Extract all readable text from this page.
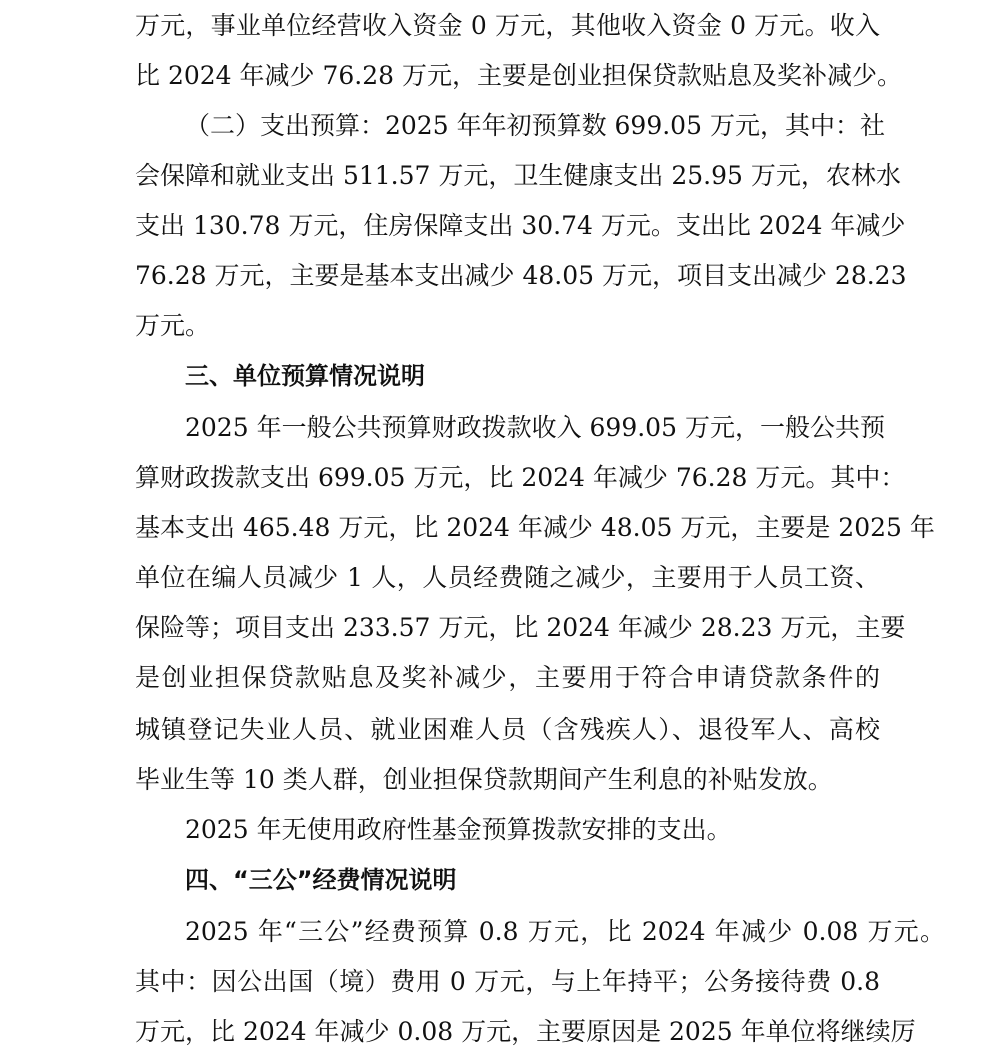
万元，事业单位经营收入资金 0 万元，其他收入资金 0 万元。收入
比 2024 年减少 76.28 万元，主要是创业担保贷款贴息及奖补减少。
（二）支出预算：2025 年年初预算数 699.05 万元，其中：社
会保障和就业支出 511.57 万元，卫生健康支出 25.95 万元，农林水
支出 130.78 万元，住房保障支出 30.74 万元。支出比 2024 年减少
76.28 万元，主要是基本支出减少 48.05 万元，项目支出减少 28.23
万元。
三、单位预算情况说明
2025 年一般公共预算财政拨款收入 699.05 万元，一般公共预
算财政拨款支出 699.05 万元，比 2024 年减少 76.28 万元。其中：
基本支出 465.48 万元，比 2024 年减少 48.05 万元，主要是 2025 年
单位在编人员减少 1 人，人员经费随之减少，主要用于人员工资、
保险等；项目支出 233.57 万元，比 2024 年减少 28.23 万元，主要
是创业担保贷款贴息及奖补减少，主要用于符合申请贷款条件的
城镇登记失业人员、就业困难人员（含残疾人）、退役军人、高校
毕业生等 10 类人群，创业担保贷款期间产生利息的补贴发放。
2025 年无使用政府性基金预算拨款安排的支出。
四、“三公”经费情况说明
2025 年“三公”经费预算 0.8 万元，比 2024 年减少 0.08 万元。
其中：因公出国（境）费用 0 万元，与上年持平；公务接待费 0.8
万元，比 2024 年减少 0.08 万元，主要原因是 2025 年单位将继续厉
